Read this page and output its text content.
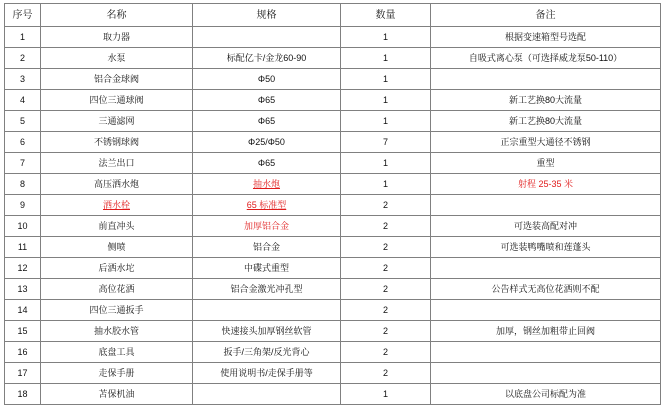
序号	名称	规格	数量	备注
1	取力器		1	根据变速箱型号选配
2	水泵	标配亿卡/金龙60-90	1	自吸式离心泵（可选择威龙泵50-110）
3	铝合金球阀	Φ50	1	
4	四位三通球阀	Φ65	1	新工艺换80大流量
5	三通滤网	Φ65	1	新工艺换80大流量
6	不锈钢球阀	Φ25/Φ50	7	正宗重型大通径不锈钢
7	法兰出口	Φ65	1	重型
8	高压洒水炮	抽水炮	1	射程 25-35 米
9	洒水栓	65 标准型	2	
10	前直冲头	加厚铝合金	2	可选装高配对冲
11	侧喷	铝合金	2	可选装鸭嘴喷和莲蓬头
12	后洒水坨	中碟式重型	2	
13	高位花洒	铝合金激光冲孔型	2	公告样式无高位花洒则不配
14	四位三通扳手		2	
15	抽水胶水管	快速接头加厚钢丝软管	2	加厚，钢丝加粗带止回阀
16	底盘工具	扳手/三角架/反光背心	2	
17	走保手册	使用说明书/走保手册等	2	
18	苫保机油		1	以底盘公司标配为准
